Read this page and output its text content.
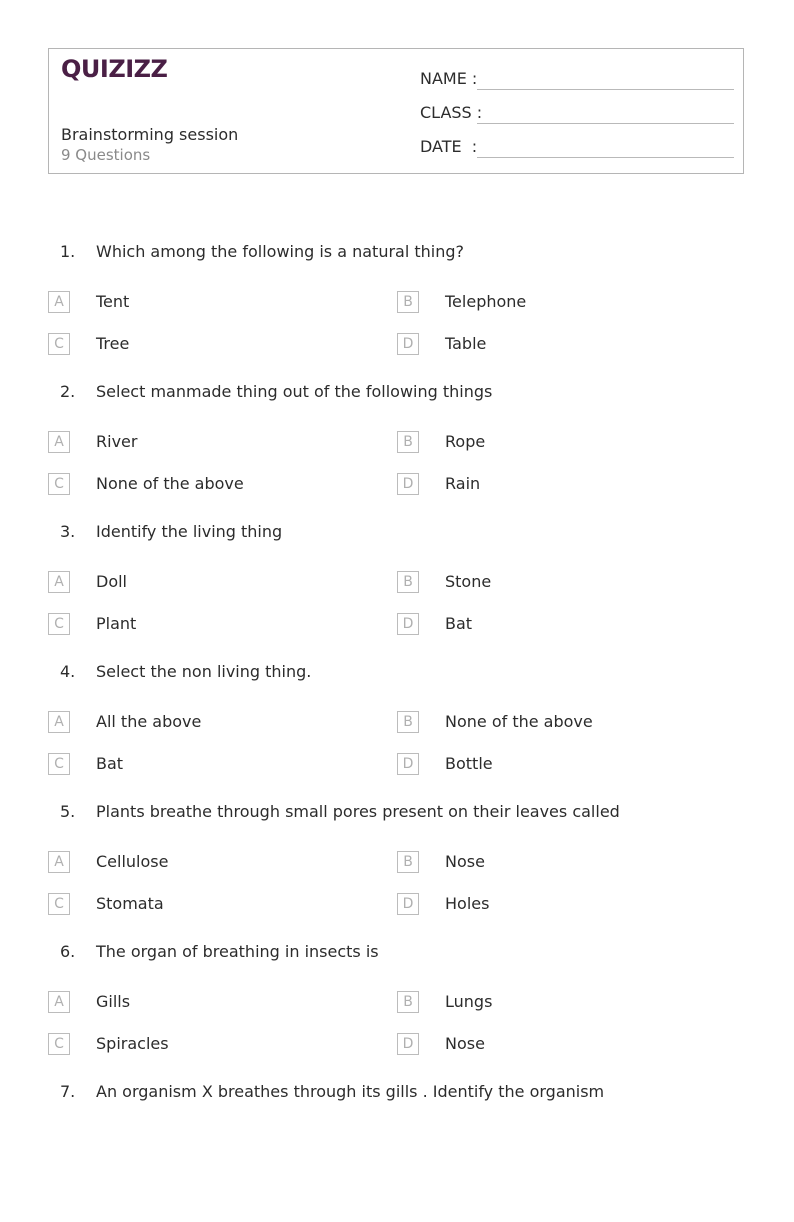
QUIZIZZ
Brainstorming session
9 Questions
NAME :
CLASS :
DATE  :
1. Which among the following is a natural thing?
A	Tent	B	Telephone
C	Tree	D	Table
2. Select manmade thing out of the following things
A	River	B	Rope
C	None of the above	D	Rain
3. Identify the living thing
A	Doll	B	Stone
C	Plant	D	Bat
4. Select the non living thing.
A	All the above	B	None of the above
C	Bat	D	Bottle
5. Plants breathe through small pores present on their leaves called
A	Cellulose	B	Nose
C	Stomata	D	Holes
6. The organ of breathing in insects is
A	Gills	B	Lungs
C	Spiracles	D	Nose
7. An organism X breathes through its gills . Identify the organism
